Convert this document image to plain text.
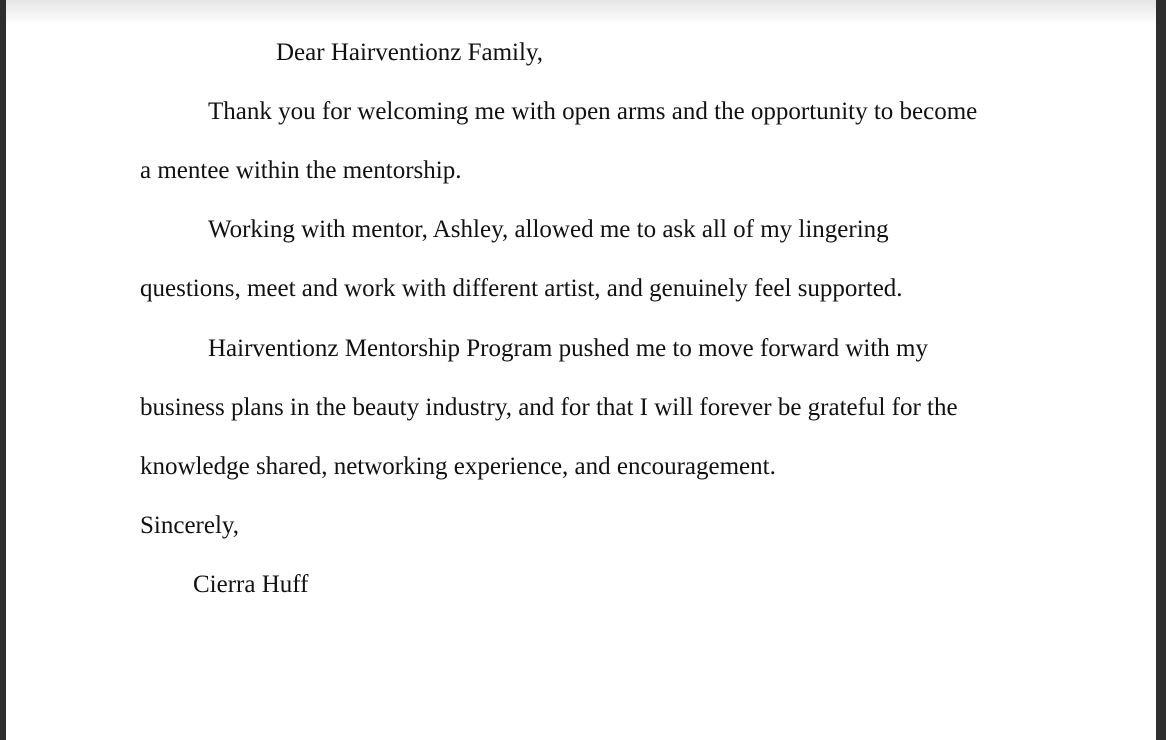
Dear Hairventionz Family,

Thank you for welcoming me with open arms and the opportunity to become

a mentee within the mentorship.

Working with mentor, Ashley, allowed me to ask all of my lingering

questions, meet and work with different artist, and genuinely feel supported.

Hairventionz Mentorship Program pushed me to move forward with my

business plans in the beauty industry, and for that I will forever be grateful for the

knowledge shared, networking experience, and encouragement.

Sincerely,

Cierra Huff
